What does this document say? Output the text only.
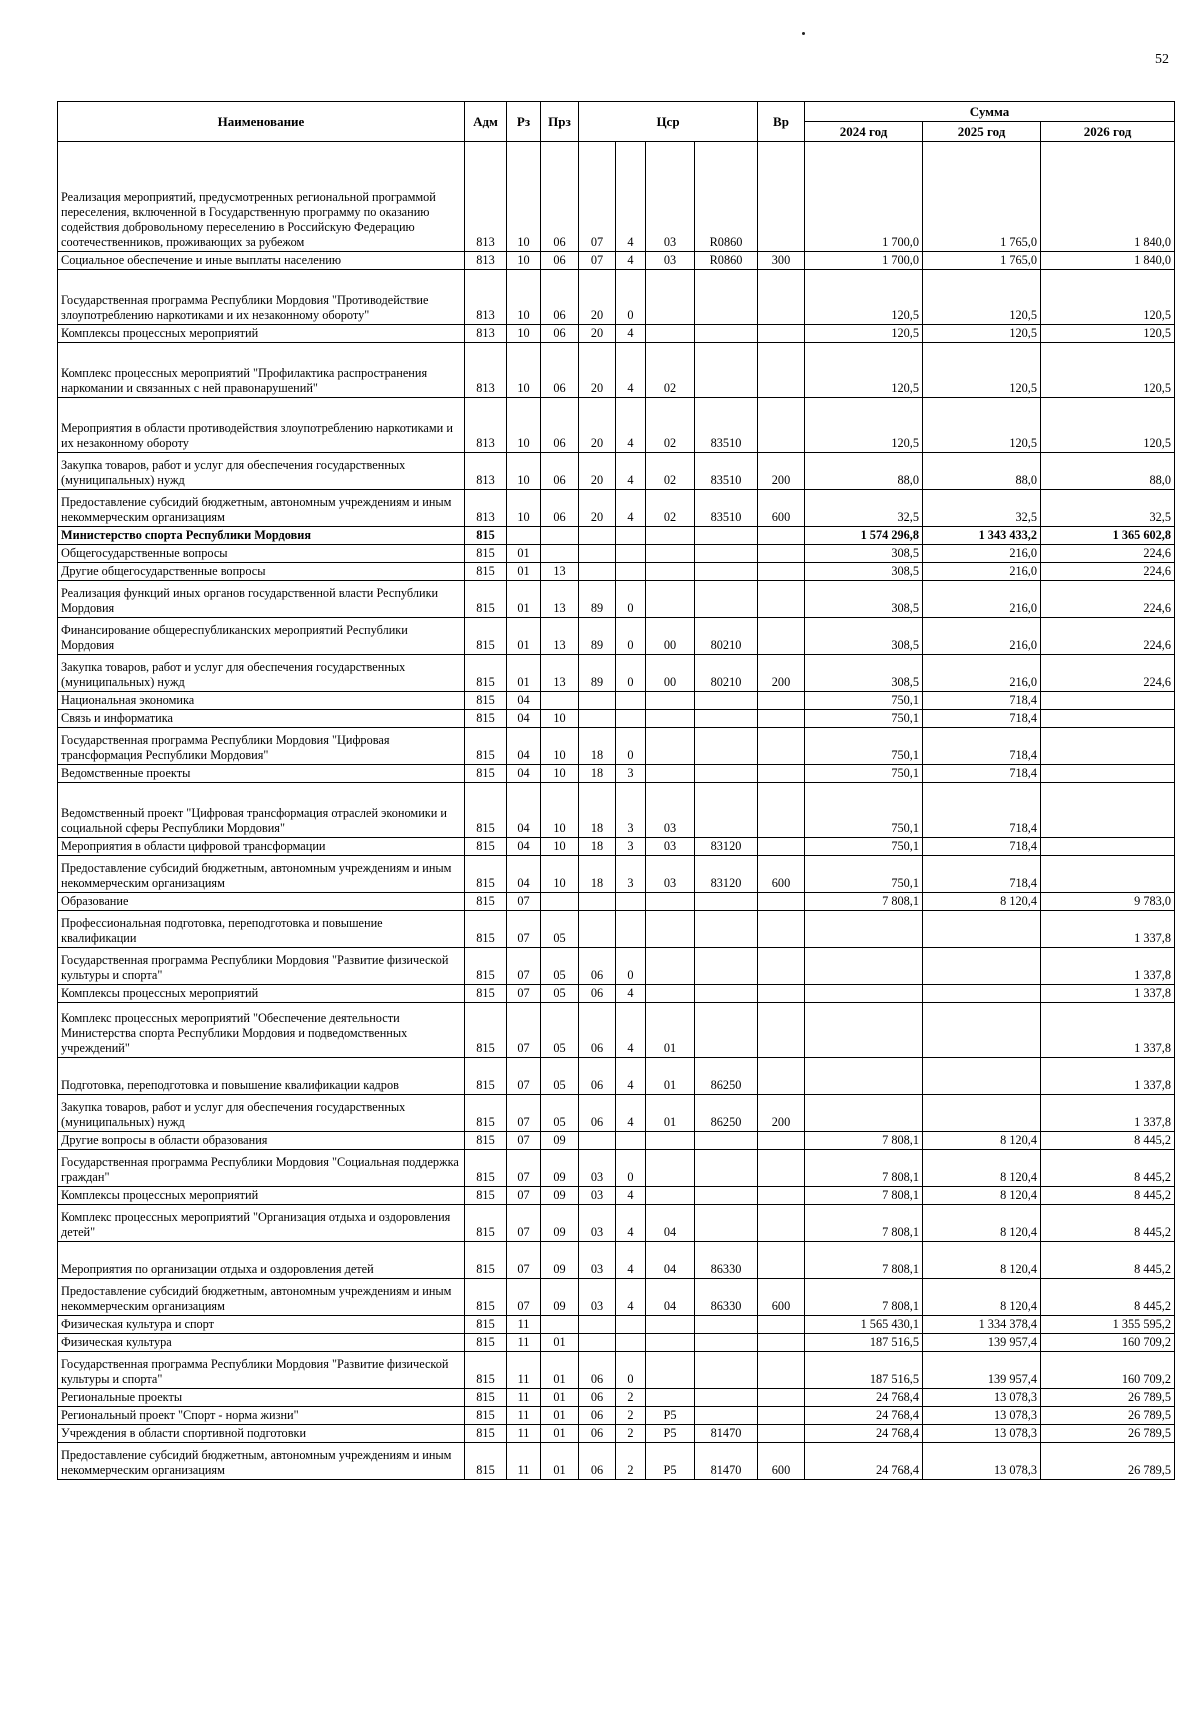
52
Наименование	Адм	Рз	Прз	Цср				Вр	Сумма		
									2024 год	2025 год	2026 год
Реализация мероприятий, предусмотренных региональной программой переселения, включенной в Государственную программу по оказанию содействия добровольному переселению в Российскую Федерацию соотечественников, проживающих за рубежом	813	10	06	07	4	03	R0860		1 700,0	1 765,0	1 840,0
Социальное обеспечение и иные выплаты населению	813	10	06	07	4	03	R0860	300	1 700,0	1 765,0	1 840,0
Государственная программа Республики Мордовия "Противодействие злоупотреблению наркотиками и их незаконному обороту"	813	10	06	20	0				120,5	120,5	120,5
Комплексы процессных мероприятий	813	10	06	20	4				120,5	120,5	120,5
Комплекс процессных мероприятий "Профилактика распространения наркомании и связанных с ней правонарушений"	813	10	06	20	4	02			120,5	120,5	120,5
Мероприятия в области противодействия злоупотреблению наркотиками и их незаконному обороту	813	10	06	20	4	02	83510		120,5	120,5	120,5
Закупка товаров, работ и услуг для обеспечения государственных (муниципальных) нужд	813	10	06	20	4	02	83510	200	88,0	88,0	88,0
Предоставление субсидий бюджетным, автономным учреждениям и иным некоммерческим организациям	813	10	06	20	4	02	83510	600	32,5	32,5	32,5
Министерство спорта Республики Мордовия	815								1 574 296,8	1 343 433,2	1 365 602,8
Общегосударственные вопросы	815	01							308,5	216,0	224,6
Другие общегосударственные вопросы	815	01	13						308,5	216,0	224,6
Реализация функций иных органов государственной власти Республики Мордовия	815	01	13	89	0				308,5	216,0	224,6
Финансирование общереспубликанских мероприятий Республики Мордовия	815	01	13	89	0	00	80210		308,5	216,0	224,6
Закупка товаров, работ и услуг для обеспечения государственных (муниципальных) нужд	815	01	13	89	0	00	80210	200	308,5	216,0	224,6
Национальная экономика	815	04							750,1	718,4	
Связь и информатика	815	04	10						750,1	718,4	
Государственная программа Республики Мордовия "Цифровая трансформация Республики Мордовия"	815	04	10	18	0				750,1	718,4	
Ведомственные проекты	815	04	10	18	3				750,1	718,4	
Ведомственный проект "Цифровая трансформация отраслей экономики и социальной сферы Республики Мордовия"	815	04	10	18	3	03			750,1	718,4	
Мероприятия в области цифровой трансформации	815	04	10	18	3	03	83120		750,1	718,4	
Предоставление субсидий бюджетным, автономным учреждениям и иным некоммерческим организациям	815	04	10	18	3	03	83120	600	750,1	718,4	
Образование	815	07							7 808,1	8 120,4	9 783,0
Профессиональная подготовка, переподготовка и повышение квалификации	815	07	05								1 337,8
Государственная программа Республики Мордовия "Развитие физической культуры и спорта"	815	07	05	06	0						1 337,8
Комплексы процессных мероприятий	815	07	05	06	4						1 337,8
Комплекс процессных мероприятий "Обеспечение деятельности Министерства спорта Республики Мордовия и подведомственных учреждений"	815	07	05	06	4	01					1 337,8
Подготовка, переподготовка и повышение квалификации кадров	815	07	05	06	4	01	86250				1 337,8
Закупка товаров, работ и услуг для обеспечения государственных (муниципальных) нужд	815	07	05	06	4	01	86250	200			1 337,8
Другие вопросы в области образования	815	07	09						7 808,1	8 120,4	8 445,2
Государственная программа Республики Мордовия "Социальная поддержка граждан"	815	07	09	03	0				7 808,1	8 120,4	8 445,2
Комплексы процессных мероприятий	815	07	09	03	4				7 808,1	8 120,4	8 445,2
Комплекс процессных мероприятий "Организация отдыха и оздоровления детей"	815	07	09	03	4	04			7 808,1	8 120,4	8 445,2
Мероприятия по организации отдыха и оздоровления детей	815	07	09	03	4	04	86330		7 808,1	8 120,4	8 445,2
Предоставление субсидий бюджетным, автономным учреждениям и иным некоммерческим организациям	815	07	09	03	4	04	86330	600	7 808,1	8 120,4	8 445,2
Физическая культура и спорт	815	11							1 565 430,1	1 334 378,4	1 355 595,2
Физическая культура	815	11	01						187 516,5	139 957,4	160 709,2
Государственная программа Республики Мордовия "Развитие физической культуры и спорта"	815	11	01	06	0				187 516,5	139 957,4	160 709,2
Региональные проекты	815	11	01	06	2				24 768,4	13 078,3	26 789,5
Региональный проект "Спорт - норма жизни"	815	11	01	06	2	P5			24 768,4	13 078,3	26 789,5
Учреждения в области спортивной подготовки	815	11	01	06	2	P5	81470		24 768,4	13 078,3	26 789,5
Предоставление субсидий бюджетным, автономным учреждениям и иным некоммерческим организациям	815	11	01	06	2	P5	81470	600	24 768,4	13 078,3	26 789,5
